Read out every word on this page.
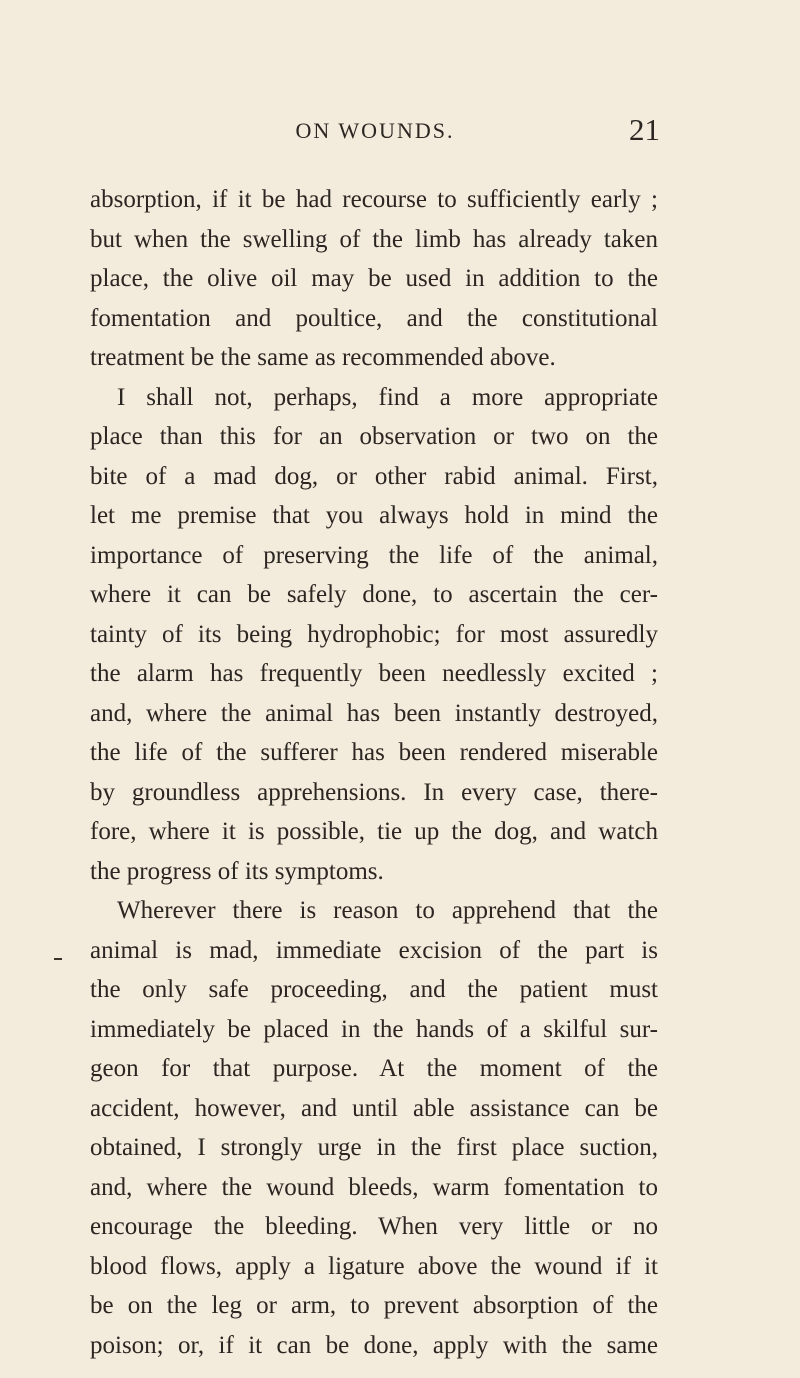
ON WOUNDS.	21
absorption, if it be had recourse to sufficiently early ;
but when the swelling of the limb has already taken
place, the olive oil may be used in addition to the
fomentation and poultice, and the constitutional
treatment be the same as recommended above.
I shall not, perhaps, find a more appropriate
place than this for an observation or two on the
bite of a mad dog, or other rabid animal. First,
let me premise that you always hold in mind the
importance of preserving the life of the animal,
where it can be safely done, to ascertain the cer-
tainty of its being hydrophobic; for most assuredly
the alarm has frequently been needlessly excited ;
and, where the animal has been instantly destroyed,
the life of the sufferer has been rendered miserable
by groundless apprehensions. In every case, there-
fore, where it is possible, tie up the dog, and watch
the progress of its symptoms.
Wherever there is reason to apprehend that the
animal is mad, immediate excision of the part is
the only safe proceeding, and the patient must
immediately be placed in the hands of a skilful sur-
geon for that purpose. At the moment of the
accident, however, and until able assistance can be
obtained, I strongly urge in the first place suction,
and, where the wound bleeds, warm fomentation to
encourage the bleeding. When very little or no
blood flows, apply a ligature above the wound if it
be on the leg or arm, to prevent absorption of the
poison; or, if it can be done, apply with the same
